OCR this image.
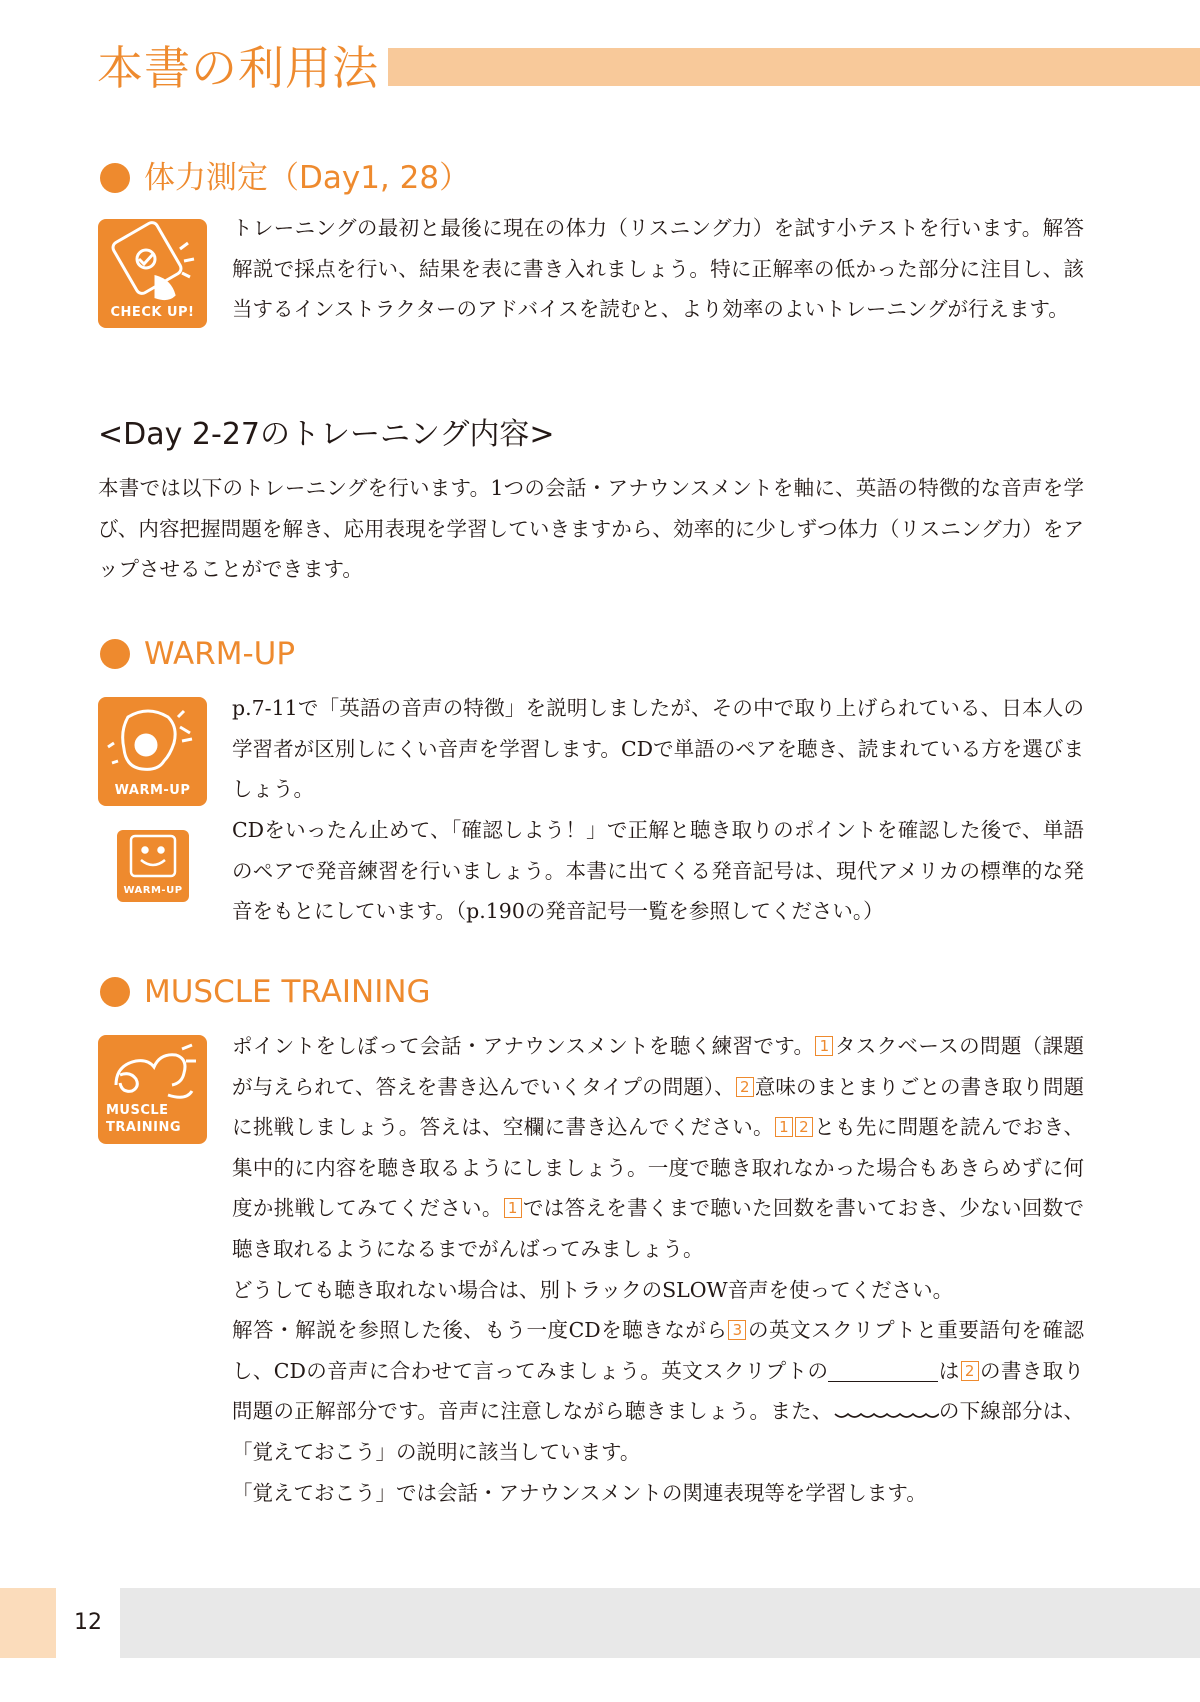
本書の利用法
体力測定（Day1, 28）
CHECK UP!

トレーニングの最初と最後に現在の体力（リスニング力）を試す小テストを行います。解答解説で採点を行い、結果を表に書き入れましょう。特に正解率の低かった部分に注目し、該当するインストラクターのアドバイスを読むと、より効率のよいトレーニングが行えます。

<Day 2-27のトレーニング内容>

本書では以下のトレーニングを行います。1つの会話・アナウンスメントを軸に、英語の特徴的な音声を学び、内容把握問題を解き、応用表現を学習していきますから、効率的に少しずつ体力（リスニング力）をアップさせることができます。

WARM-UP
WARM-UP
WARM-UP

p.7-11で「英語の音声の特徴」を説明しましたが、その中で取り上げられている、日本人の学習者が区別しにくい音声を学習します。CDで単語のペアを聴き、読まれている方を選びましょう。

CDをいったん止めて、「確認しよう！」で正解と聴き取りのポイントを確認した後で、単語のペアで発音練習を行いましょう。本書に出てくる発音記号は、現代アメリカの標準的な発音をもとにしています。（p.190の発音記号一覧を参照してください。）

MUSCLE TRAINING
MUSCLE
TRAINING

ポイントをしぼって会話・アナウンスメントを聴く練習です。 1 タスクベースの問題（課題が与えられて、答えを書き込んでいくタイプの問題）、 2 意味のまとまりごとの書き取り問題に挑戦しましょう。答えは、空欄に書き込んでください。 1 2 とも先に問題を読んでおき、集中的に内容を聴き取るようにしましょう。一度で聴き取れなかった場合もあきらめずに何度か挑戦してみてください。 1 では答えを書くまで聴いた回数を書いておき、少ない回数で聴き取れるようになるまでがんばってみましょう。

どうしても聴き取れない場合は、別トラックのSLOW音声を使ってください。

解答・解説を参照した後、もう一度CDを聴きながら 3 の英文スクリプトと重要語句を確認し、CDの音声に合わせて言ってみましょう。英文スクリプトの	は 2 の書き取り問題の正解部分です。音声に注意しながら聴きましょう。また、	の下線部分は、「覚えておこう」の説明に該当しています。

「覚えておこう」では会話・アナウンスメントの関連表現等を学習します。

12
